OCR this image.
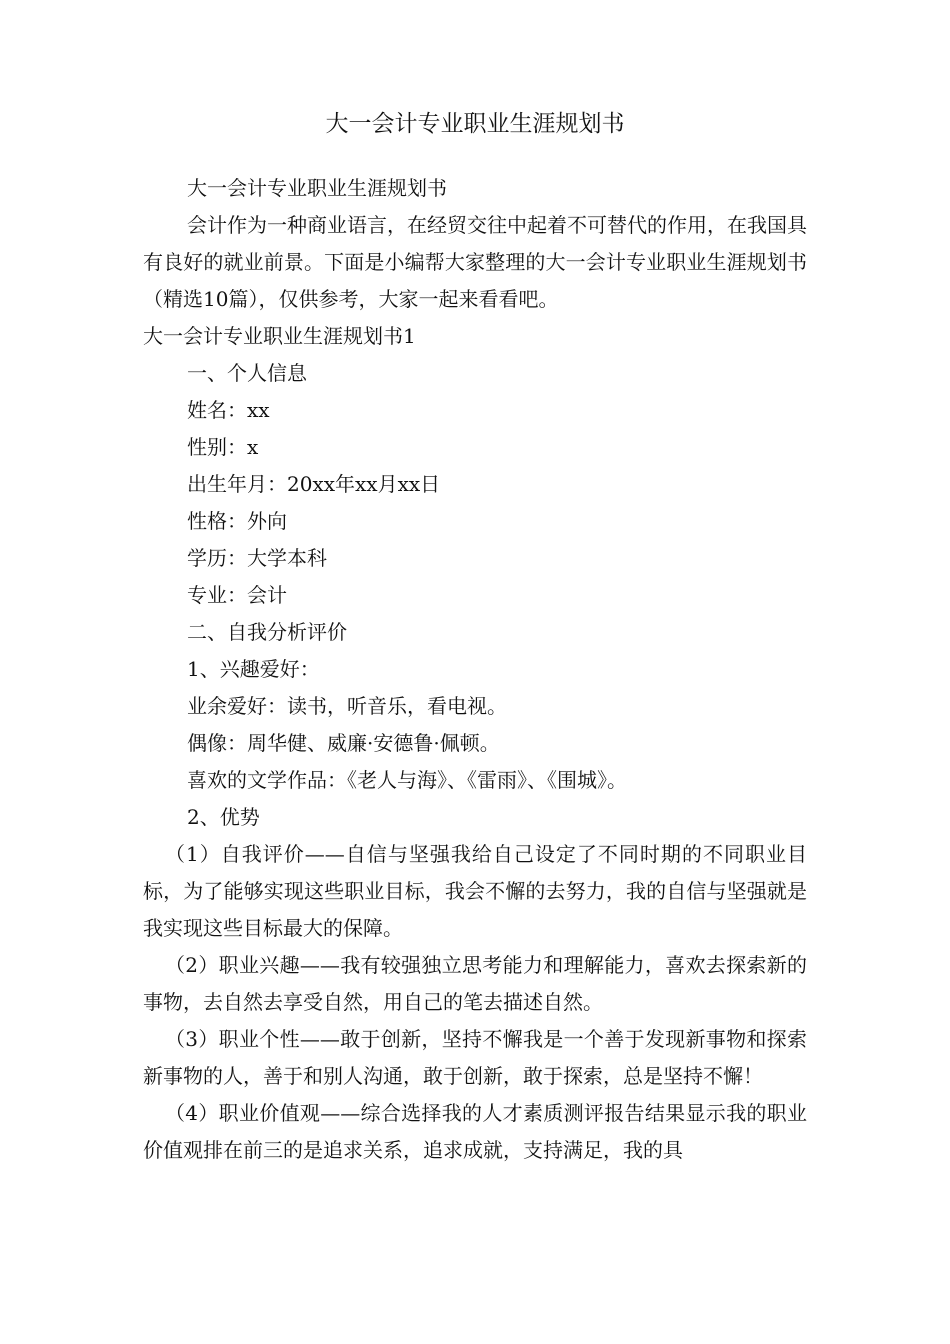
大一会计专业职业生涯规划书

大一会计专业职业生涯规划书

会计作为一种商业语言，在经贸交往中起着不可替代的作用，在我国具有良好的就业前景。下面是小编帮大家整理的大一会计专业职业生涯规划书（精选10篇），仅供参考，大家一起来看看吧。

大一会计专业职业生涯规划书1

一、个人信息

姓名：xx

性别：x

出生年月：20xx年xx月xx日

性格：外向

学历：大学本科

专业：会计

二、自我分析评价

1、兴趣爱好：

业余爱好：读书，听音乐，看电视。

偶像：周华健、威廉·安德鲁·佩顿。

喜欢的文学作品：《老人与海》、《雷雨》、《围城》。

2、优势

（1）自我评价——自信与坚强我给自己设定了不同时期的不同职业目标，为了能够实现这些职业目标，我会不懈的去努力，我的自信与坚强就是我实现这些目标最大的保障。

（2）职业兴趣——我有较强独立思考能力和理解能力，喜欢去探索新的事物，去自然去享受自然，用自己的笔去描述自然。

（3）职业个性——敢于创新，坚持不懈我是一个善于发现新事物和探索新事物的人，善于和别人沟通，敢于创新，敢于探索，总是坚持不懈！

（4）职业价值观——综合选择我的人才素质测评报告结果显示我的职业价值观排在前三的是追求关系，追求成就，支持满足，我的具
